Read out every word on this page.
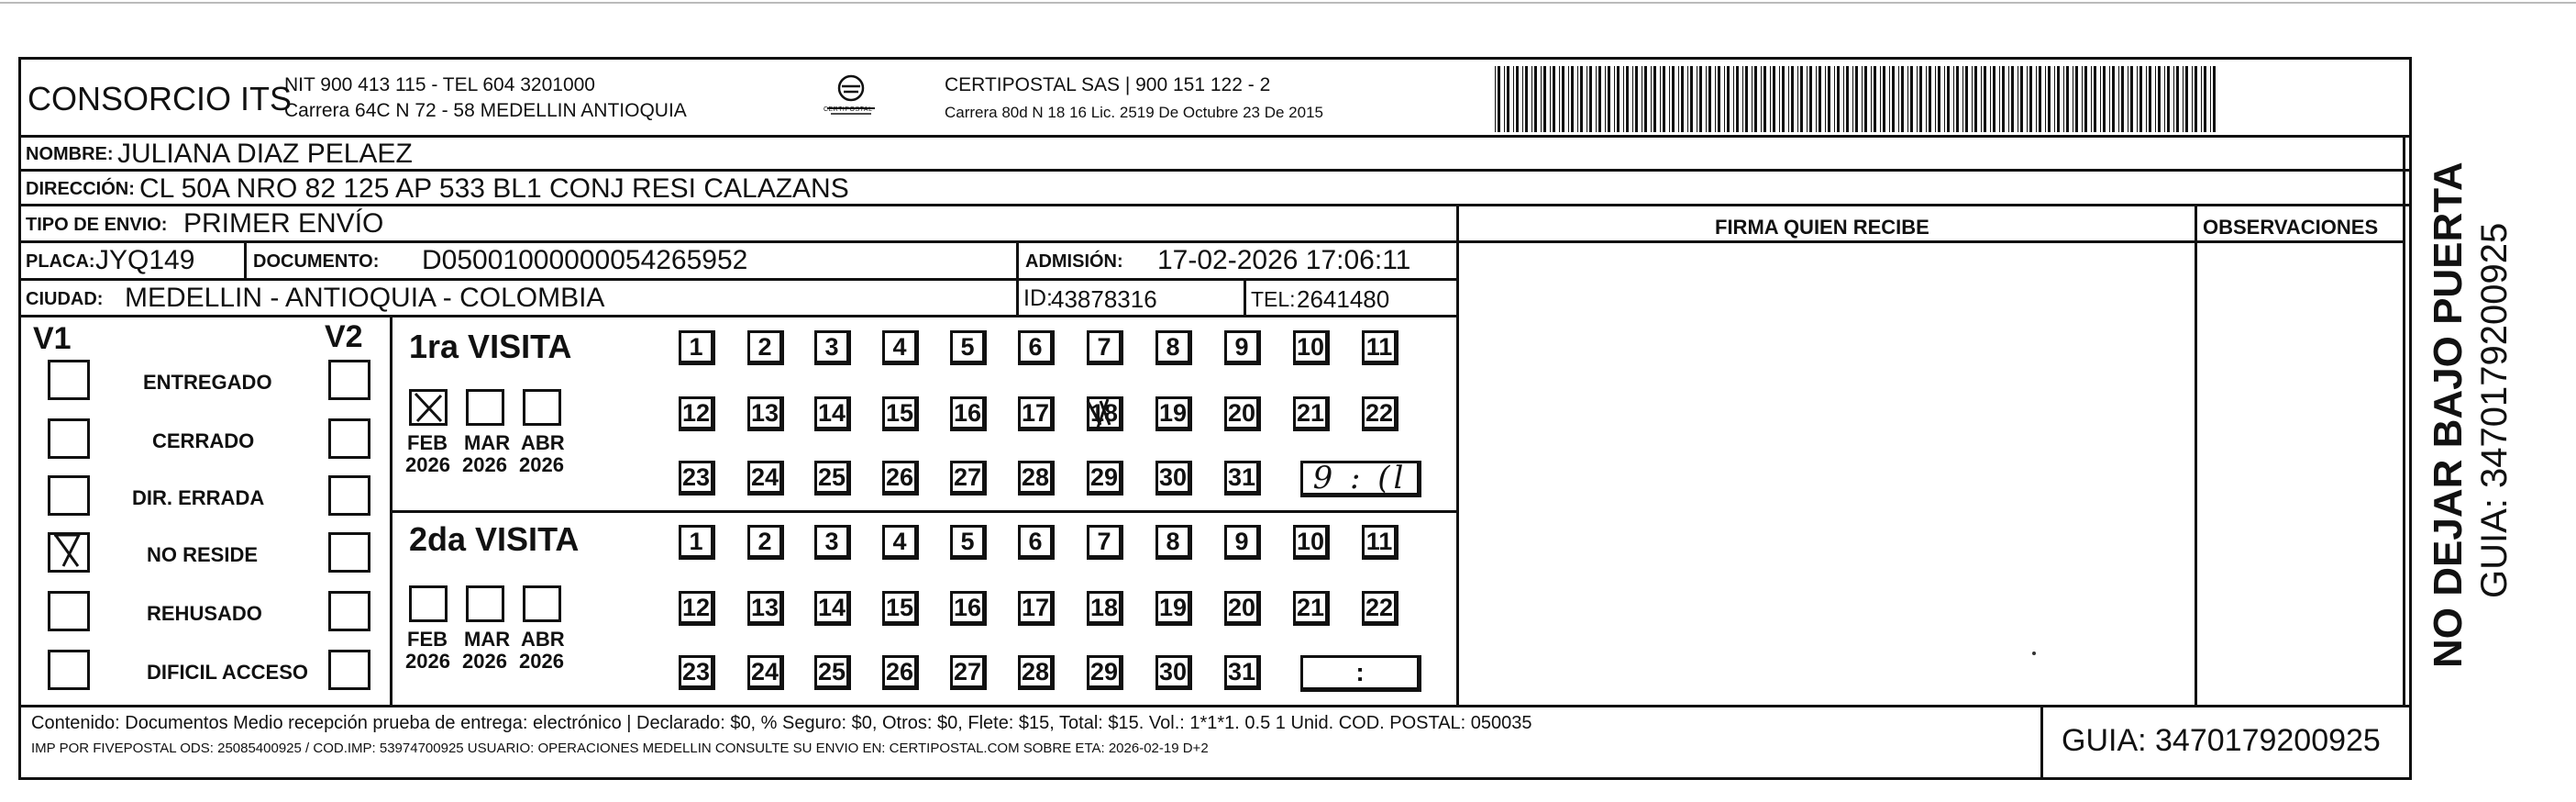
CONSORCIO ITS
NIT 900 413 115 - TEL 604 3201000
Carrera 64C N 72 - 58 MEDELLIN ANTIOQUIA	CERTIPOSTAL
CERTIPOSTAL SAS | 900 151 122 - 2
Carrera 80d N 18 16 Lic. 2519 De Octubre 23 De 2015
NOMBRE: JULIANA DIAZ PELAEZ
DIRECCIÓN: CL 50A NRO 82 125 AP 533 BL1 CONJ RESI CALAZANS
TIPO DE ENVIO: PRIMER ENVÍO	FIRMA QUIEN RECIBE	OBSERVACIONES
PLACA: JYQ149	DOCUMENTO: D05001000000054265952	ADMISIÓN: 17-02-2026 17:06:11
CIUDAD: MEDELLIN - ANTIOQUIA - COLOMBIA	ID:
43878316	TEL: 2641480
V1	V2
ENTREGADO
CERRADO
DIR. ERRADA
NO RESIDE
REHUSADO
DIFICIL ACCESO
1ra VISITA
2da VISITA
FEB
2026
MAR
2026
ABR
2026
FEB
2026
MAR
2026
ABR
2026
1 2 3 4 5 6 7 8 9 10 11
12 13 14 15 16 17 18 19 20 21 22
23 24 25 26 27 28 29 30 31 9 : (l
1 2 3 4 5 6 7 8 9 10 11
12 13 14 15 16 17 18 19 20 21 22
23 24 25 26 27 28 29 30 31	:
Contenido: Documentos Medio recepción prueba de entrega: electrónico | Declarado: $0, % Seguro: $0, Otros: $0, Flete: $15, Total: $15. Vol.: 1*1*1. 0.5 1 Unid. COD. POSTAL: 050035
IMP POR FIVEPOSTAL ODS: 25085400925 / COD.IMP: 53974700925 USUARIO: OPERACIONES MEDELLIN CONSULTE SU ENVIO EN: CERTIPOSTAL.COM SOBRE ETA: 2026-02-19 D+2	GUIA: 3470179200925
NO DEJAR BAJO PUERTA GUIA: 3470179200925
